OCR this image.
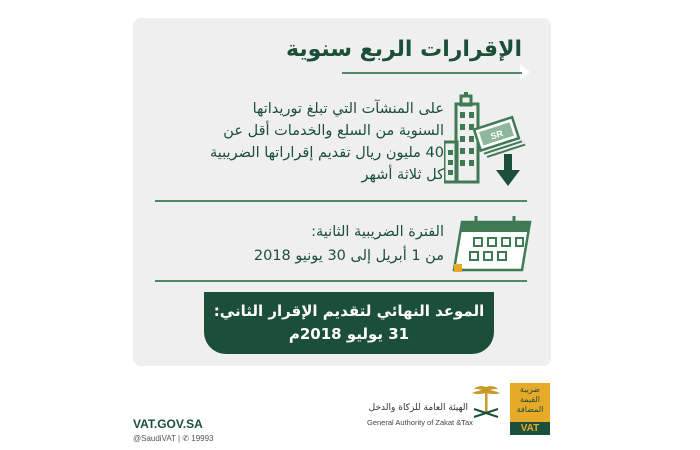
الإقرارات الربع سنوية
SR
على المنشآت التي تبلغ توريداتها
السنوية من السلع والخدمات أقل عن
40 مليون ريال تقديم إقراراتها الضريبية
كل ثلاثة أشهر
الفترة الضريبية الثانية:
من 1 أبريل إلى 30 يونيو 2018
الموعد النهائي لتقديم الإقرار الثاني:
31 يوليو 2018م
VAT.GOV.SA
@SaudiVAT | ✆ 19993
الهيئة العامة للزكاة والدخل
General Authority of Zakat &Tax
ضريبة القيمة المضافة
VAT
